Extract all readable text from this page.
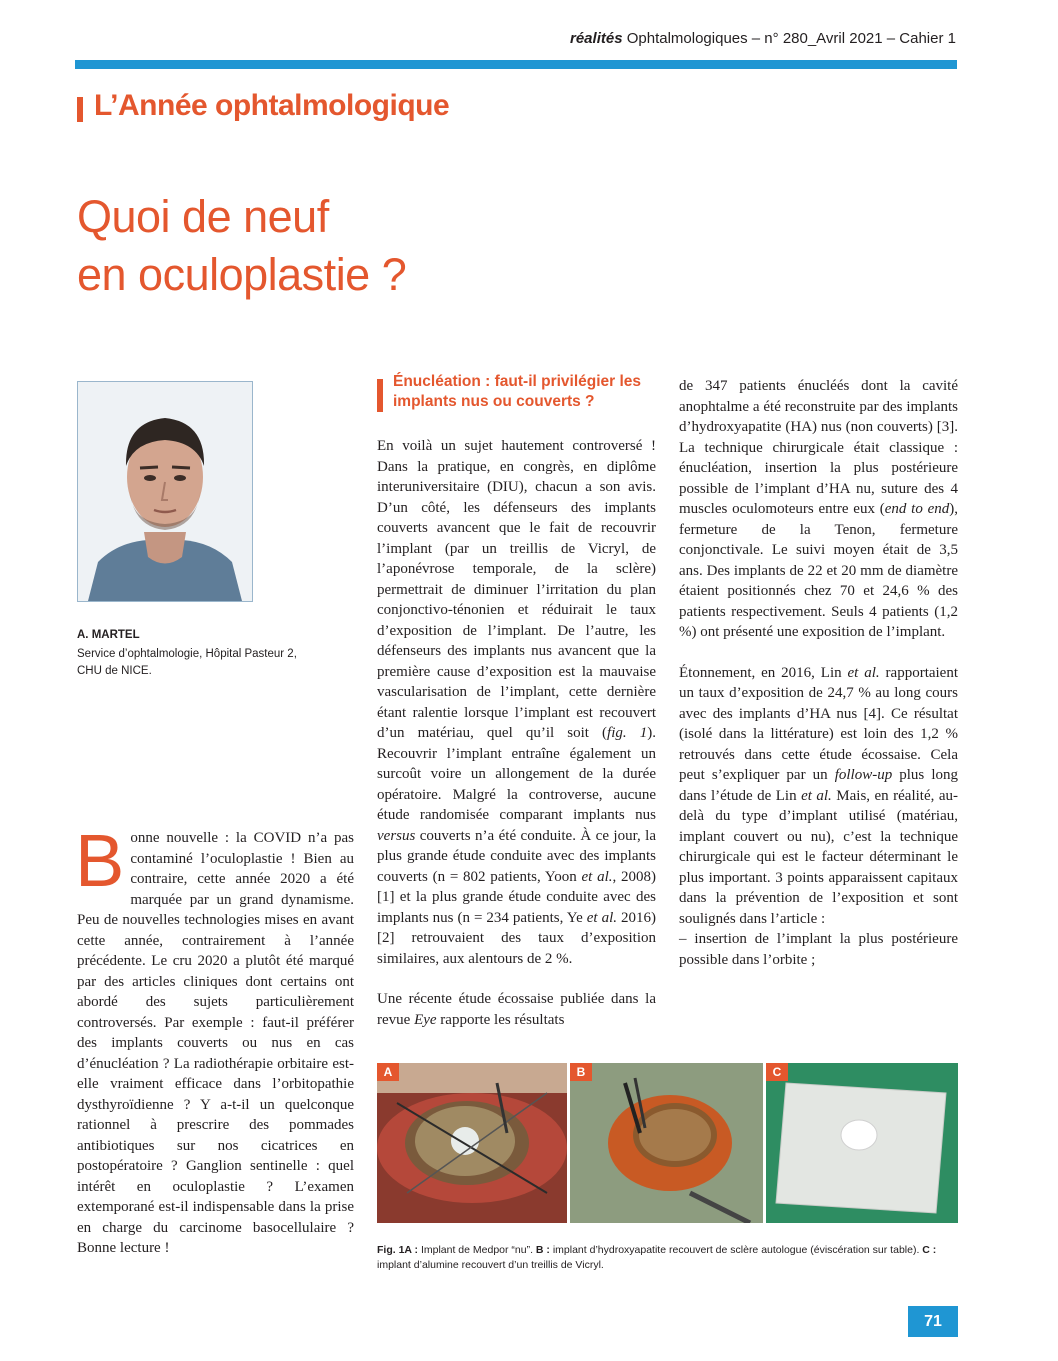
réalités Ophtalmologiques – n° 280_Avril 2021 – Cahier 1
L’Année ophtalmologique
Quoi de neuf
en oculoplastie ?
A. MARTEL
Service d’ophtalmologie, Hôpital Pasteur 2,
CHU de NICE.
Bonne nouvelle : la COVID n’a pas contaminé l’oculoplastie ! Bien au contraire, cette année 2020 a été marquée par un grand dynamisme. Peu de nouvelles technologies mises en avant cette année, contrairement à l’année précédente. Le cru 2020 a plutôt été marqué par des articles cliniques dont certains ont abordé des sujets particulièrement controversés. Par exemple : faut-il préférer des implants couverts ou nus en cas d’énucléation ? La radiothérapie orbitaire est-elle vraiment efficace dans l’orbitopathie dysthyroïdienne ? Y a-t-il un quelconque rationnel à prescrire des pommades antibiotiques sur nos cicatrices en postopératoire ? Ganglion sentinelle : quel intérêt en oculoplastie ? L’examen extemporané est-il indispensable dans la prise en charge du carcinome basocellulaire ? Bonne lecture !
Énucléation : faut-il privilégier les implants nus ou couverts ?

En voilà un sujet hautement controversé ! Dans la pratique, en congrès, en diplôme interuniversitaire (DIU), chacun a son avis. D’un côté, les défenseurs des implants couverts avancent que le fait de recouvrir l’implant (par un treillis de Vicryl, de l’aponévrose temporale, de la sclère) permettrait de diminuer l’irritation du plan conjonctivo-ténonien et réduirait le taux d’exposition de l’implant. De l’autre, les défenseurs des implants nus avancent que la première cause d’exposition est la mauvaise vascularisation de l’implant, cette dernière étant ralentie lorsque l’implant est recouvert d’un matériau, quel qu’il soit (fig. 1). Recouvrir l’implant entraîne également un surcoût voire un allongement de la durée opératoire. Malgré la controverse, aucune étude randomisée comparant implants nus versus couverts n’a été conduite. À ce jour, la plus grande étude conduite avec des implants couverts (n = 802 patients, Yoon et al., 2008) [1] et la plus grande étude conduite avec des implants nus (n = 234 patients, Ye et al. 2016) [2] retrouvaient des taux d’exposition similaires, aux alentours de 2 %.

Une récente étude écossaise publiée dans la revue Eye rapporte les résultats

de 347 patients énucléés dont la cavité anophtalme a été reconstruite par des implants d’hydroxyapatite (HA) nus (non couverts) [3]. La technique chirurgicale était classique : énucléation, insertion la plus postérieure possible de l’implant d’HA nu, suture des 4 muscles oculomoteurs entre eux (end to end), fermeture de la Tenon, fermeture conjonctivale. Le suivi moyen était de 3,5 ans. Des implants de 22 et 20 mm de diamètre étaient positionnés chez 70 et 24,6 % des patients respectivement. Seuls 4 patients (1,2 %) ont présenté une exposition de l’implant.

Étonnement, en 2016, Lin et al. rapportaient un taux d’exposition de 24,7 % au long cours avec des implants d’HA nus [4]. Ce résultat (isolé dans la littérature) est loin des 1,2 % retrouvés dans cette étude écossaise. Cela peut s’expliquer par un follow-up plus long dans l’étude de Lin et al. Mais, en réalité, au-delà du type d’implant utilisé (matériau, implant couvert ou nu), c’est la technique chirurgicale qui est le facteur déterminant le plus important. 3 points apparaissent capitaux dans la prévention de l’exposition et sont soulignés dans l’article :

– insertion de l’implant la plus postérieure possible dans l’orbite ;

A	B	C
Fig. 1A : Implant de Medpor “nu”. B : implant d’hydroxyapatite recouvert de sclère autologue (éviscération sur table). C : implant d’alumine recouvert d’un treillis de Vicryl.
71
